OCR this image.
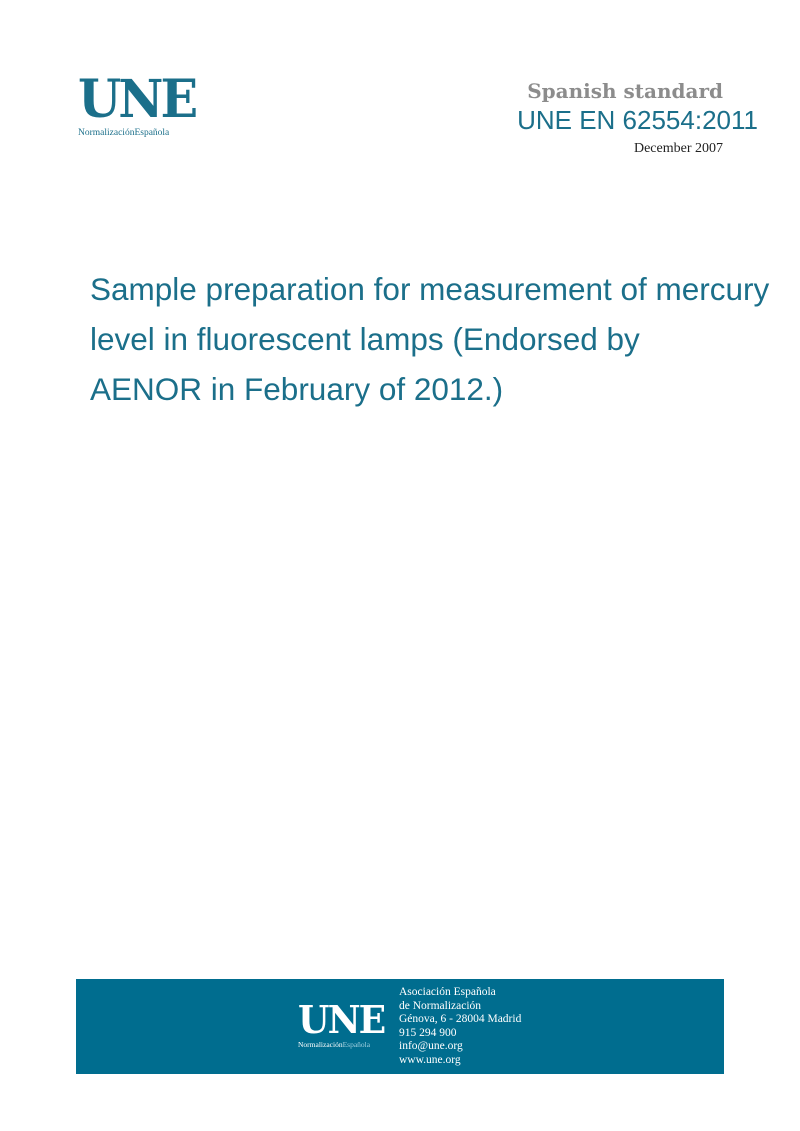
UNE
NormalizaciónEspañola
Spanish standard
UNE EN 62554:2011
December 2007
Sample preparation for measurement of mercury
level in fluorescent lamps (Endorsed by
AENOR in February of 2012.)
UNE
NormalizaciónEspañola
Asociación Española
de Normalización
Génova, 6 - 28004 Madrid
915 294 900
info@une.org
www.une.org
